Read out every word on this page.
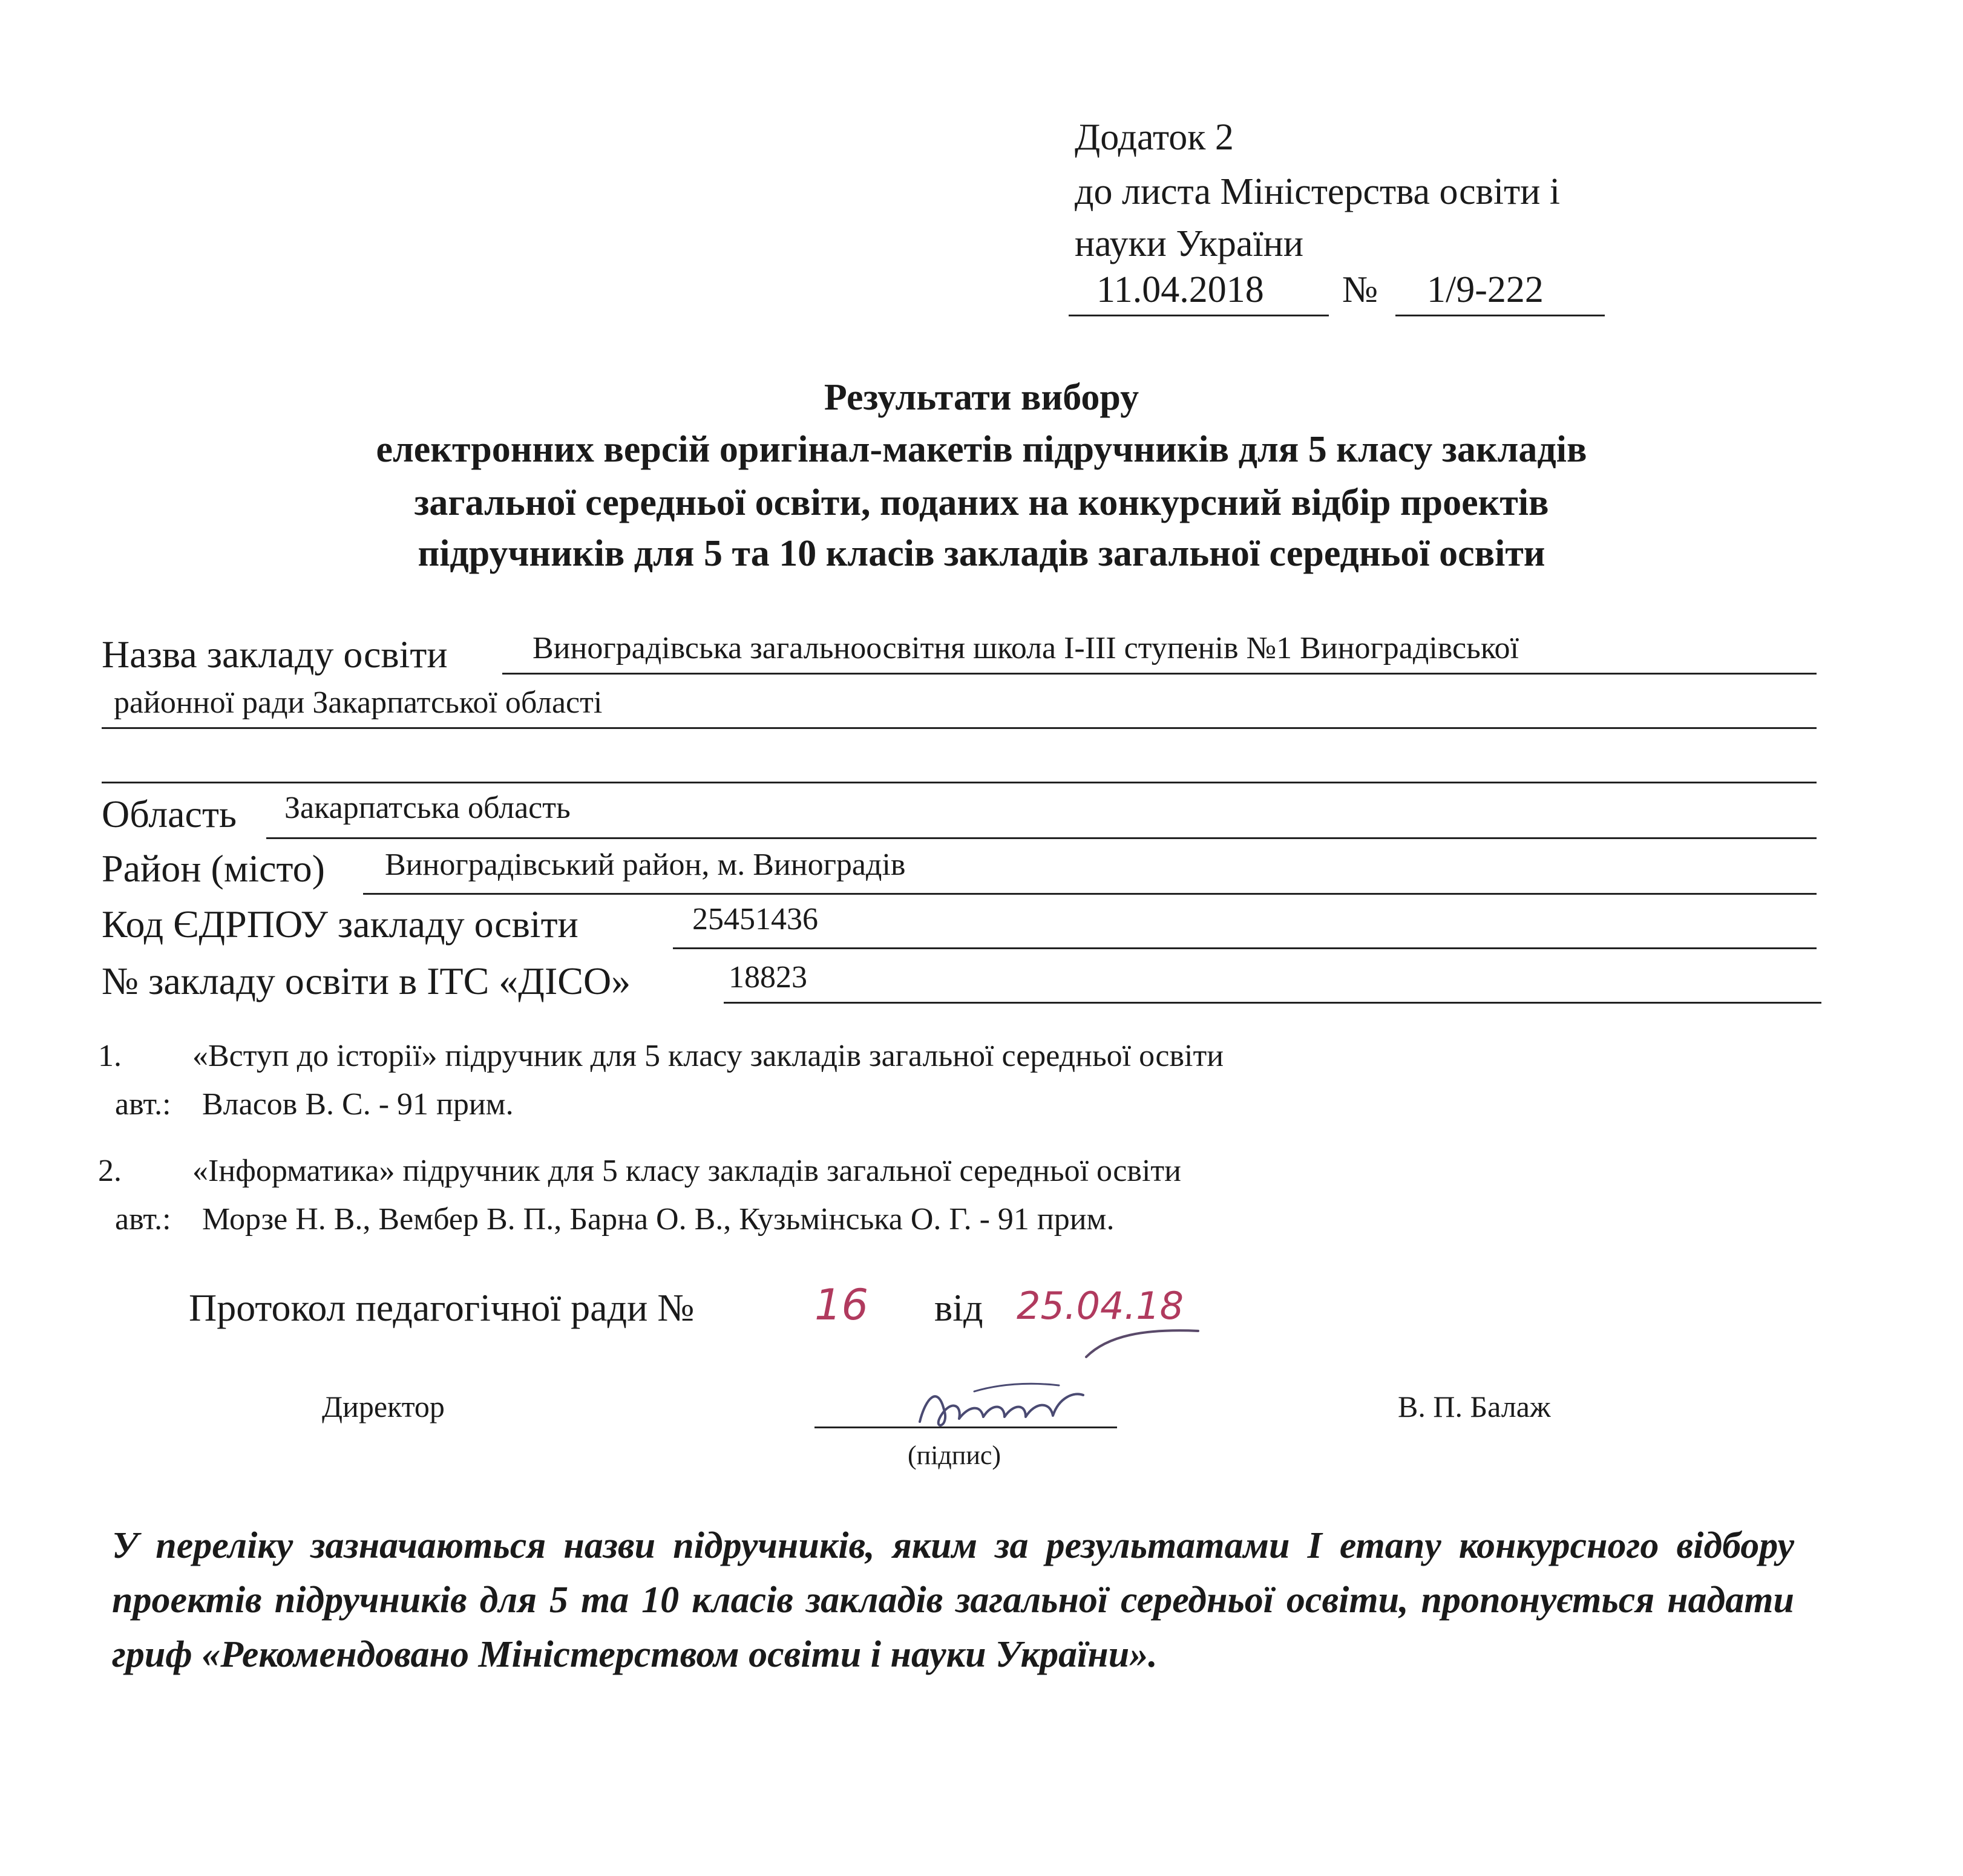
Додаток 2
до листа Міністерства освіти і
науки України
11.04.2018 № 1/9-222
Результати вибору
електронних версій оригінал-макетів підручників для 5 класу закладів
загальної середньої освіти, поданих на конкурсний відбір проектів
підручників для 5 та 10 класів закладів загальної середньої освіти
Назва закладу освіти	Виноградівська загальноосвітня школа І-ІІІ ступенів №1 Виноградівської
районної ради Закарпатської області
Область Закарпатська область
Район (місто) Виноградівський район, м. Виноградів
Код ЄДРПОУ закладу освіти	25451436
№ закладу освіти в ІТС «ДІСО»	18823
1. «Вступ до історії» підручник для 5 класу закладів загальної середньої освіти
авт.: Власов В. С. - 91 прим.
2. «Інформатика» підручник для 5 класу закладів загальної середньої освіти
авт.: Морзе Н. В., Вембер В. П., Барна О. В., Кузьмінська О. Г. - 91 прим.
Протокол педагогічної ради №	16 від 25.04.18
Директор
(підпис)
В. П. Балаж
У переліку зазначаються назви підручників, яким за результатами І етапу конкурсного відбору проектів підручників для 5 та 10 класів закладів загальної середньої освіти, пропонується надати гриф «Рекомендовано Міністерством освіти і науки України».
